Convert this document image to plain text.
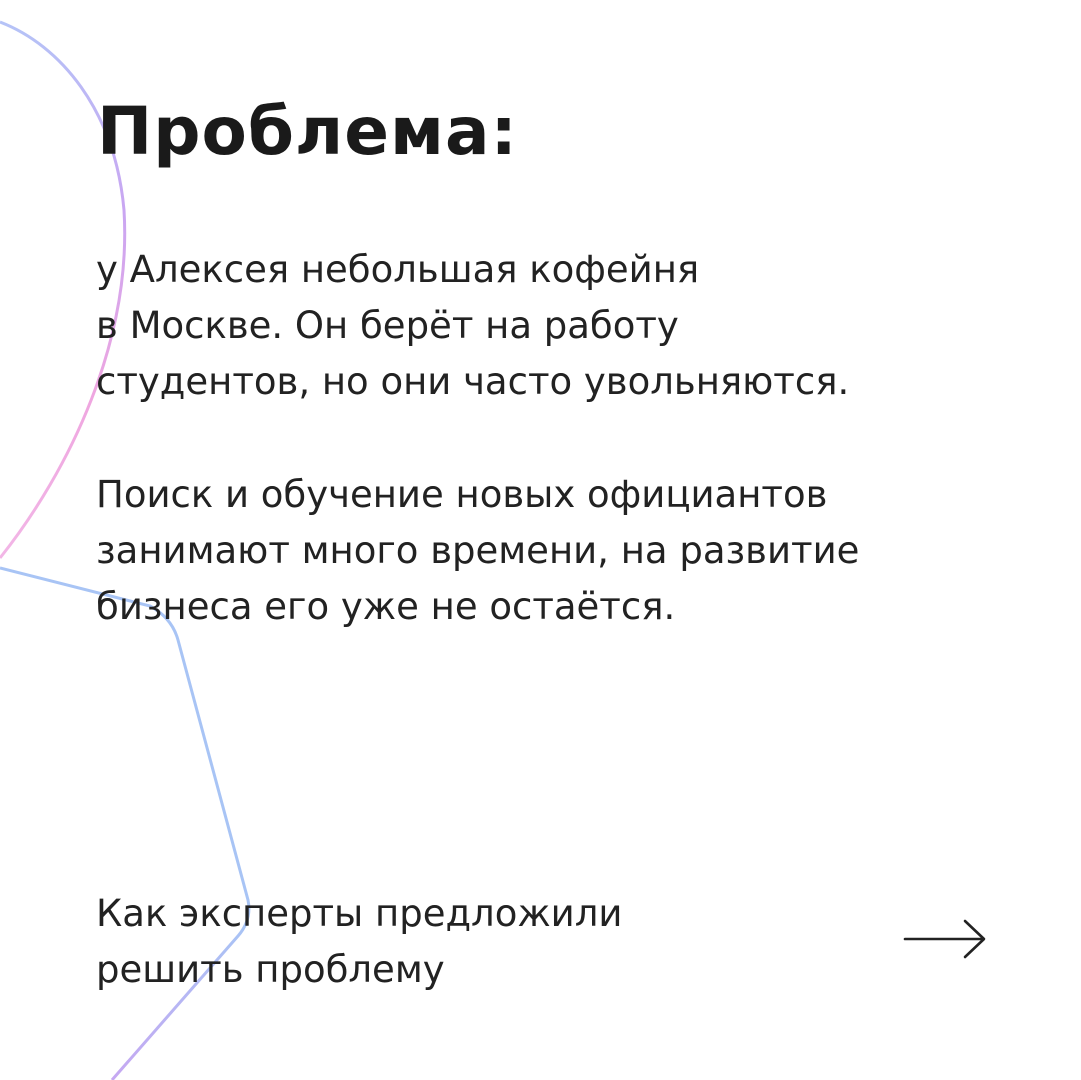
Проблема:

у Алексея небольшая кофейня
в Москве. Он берёт на работу
студентов, но они часто увольняются.

Поиск и обучение новых официантов
занимают много времени, на развитие
бизнеса его уже не остаётся.

Как эксперты предложили
решить проблему
